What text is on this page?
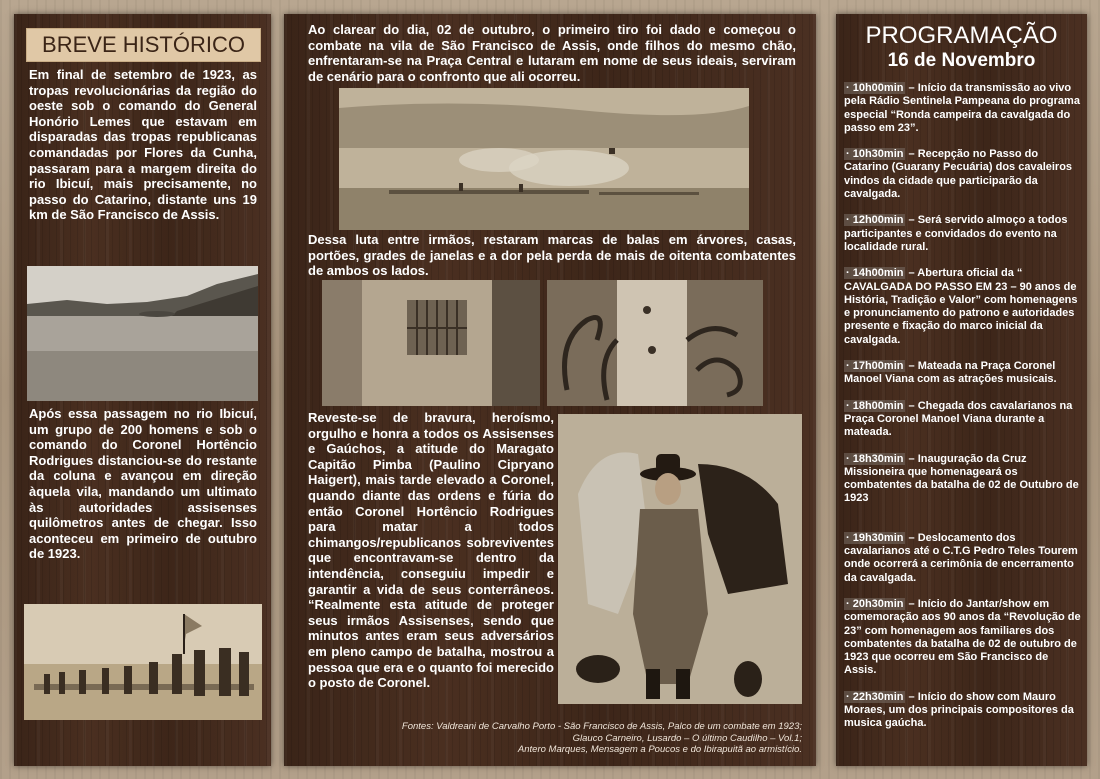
BREVE HISTÓRICO

Em final de setembro de 1923, as tropas revolucionárias da região do oeste sob o comando do General Honório Lemes que estavam em disparadas das tropas republicanas comandadas por Flores da Cunha, passaram para a margem direita do rio Ibicuí, mais precisamente, no passo do Catarino, distante uns 19 km de São Francisco de Assis.

Após essa passagem no rio Ibicuí, um grupo de 200 homens e sob o comando do Coronel Hortêncio Rodrigues distanciou-se do restante da coluna e avançou em direção àquela vila, mandando um ultimato às autoridades assisenses quilômetros antes de chegar. Isso aconteceu em primeiro de outubro de 1923.

Ao clarear do dia, 02 de outubro, o primeiro tiro foi dado e começou o combate na vila de São Francisco de Assis, onde filhos do mesmo chão, enfrentaram-se na Praça Central e lutaram em nome de seus ideais, serviram de cenário para o confronto que ali ocorreu.

Dessa luta entre irmãos, restaram marcas de balas em árvores, casas, portões, grades de janelas e a dor pela perda de mais de oitenta combatentes de ambos os lados.

Reveste-se de bravura, heroísmo, orgulho e honra a todos os Assisenses e Gaúchos, a atitude do Maragato Capitão Pimba (Paulino Cipryano Haigert), mais tarde elevado a Coronel, quando diante das ordens e fúria do então Coronel Hortêncio Rodrigues para matar a todos chimangos/republicanos sobreviventes que encontravam-se dentro da intendência, conseguiu impedir e garantir a vida de seus conterrâneos. “Realmente esta atitude de proteger seus irmãos Assisenses, sendo que minutos antes eram seus adversários em pleno campo de batalha, mostrou a pessoa que era e o quanto foi merecido o posto de Coronel.

Fontes: Valdreani de Carvalho Porto - São Francisco de Assis, Palco de um combate em 1923;
Glauco Carneiro, Lusardo – O último Caudilho – Vol.1;
Antero Marques, Mensagem a Poucos e do Ibirapuitã ao armistício.
PROGRAMAÇÃO
16 de Novembro

· 10h00min – Início da transmissão ao vivo pela Rádio Sentinela Pampeana do programa especial “Ronda campeira da cavalgada do passo em 23”.

· 10h30min – Recepção no Passo do Catarino (Guarany Pecuária) dos cavaleiros vindos da cidade que participarão da cavalgada.

· 12h00min – Será servido almoço a todos participantes e convidados do evento na localidade rural.

· 14h00min – Abertura oficial da “ CAVALGADA DO PASSO EM 23 – 90 anos de História, Tradição e Valor” com homenagens e pronunciamento do patrono e autoridades presente e fixação do marco inicial da cavalgada.

· 17h00min – Mateada na Praça Coronel Manoel Viana com as atrações musicais.

· 18h00min – Chegada dos cavalarianos na Praça Coronel Manoel Viana durante a mateada.

· 18h30min – Inauguração da Cruz Missioneira que homenageará os combatentes da batalha de 02 de Outubro de 1923

· 19h30min – Deslocamento dos cavalarianos até o C.T.G Pedro Teles Tourem onde ocorrerá a cerimônia de encerramento da cavalgada.

· 20h30min – Início do Jantar/show em comemoração aos 90 anos da “Revolução de 23” com homenagem aos familiares dos combatentes da batalha de 02 de outubro de 1923 que ocorreu em São Francisco de Assis.

· 22h30min – Início do show com Mauro Moraes, um dos principais compositores da musica gaúcha.
